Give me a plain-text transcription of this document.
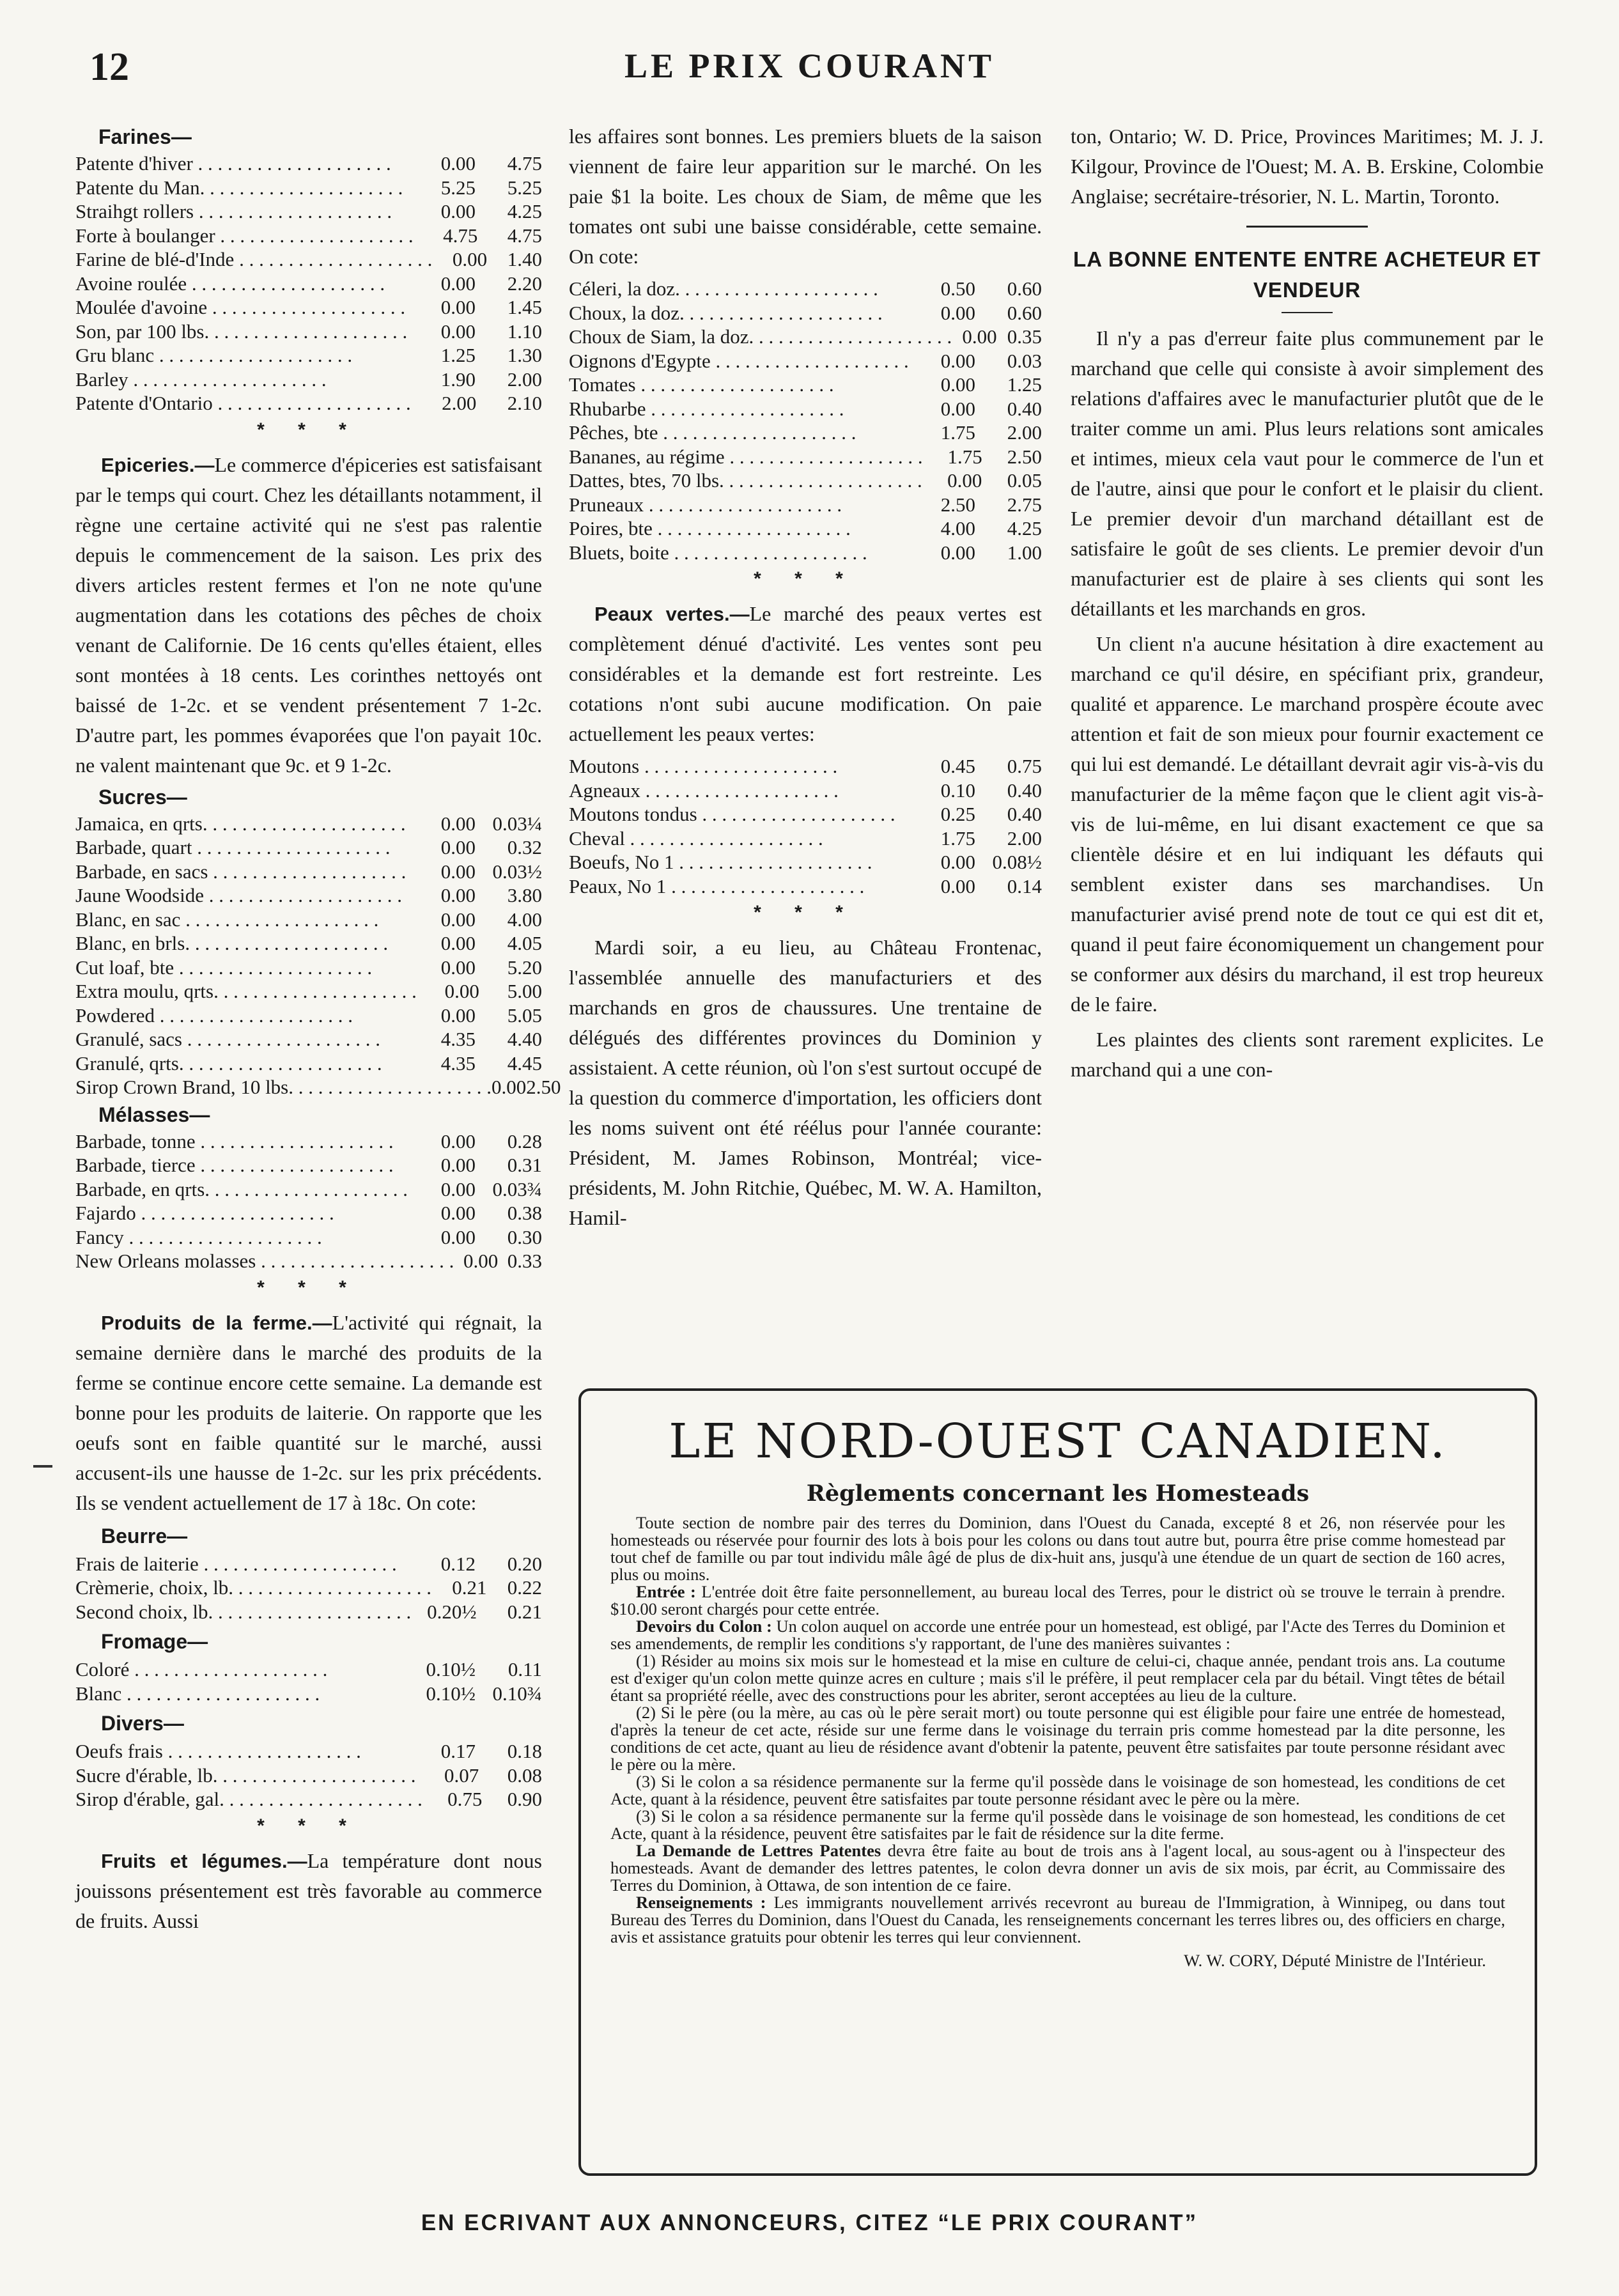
12	LE PRIX COURANT
Farines—
Patente d'hiver . . . . . . . . . . . . . . . . . . . .	0.00	4.75
Patente du Man. . . . . . . . . . . . . . . . . . . . .	5.25	5.25
Straihgt rollers . . . . . . . . . . . . . . . . . . . .	0.00	4.25
Forte à boulanger . . . . . . . . . . . . . . . . . . . .	4.75	4.75
Farine de blé-d'Inde . . . . . . . . . . . . . . . . . . . .	0.00	1.40
Avoine roulée . . . . . . . . . . . . . . . . . . . .	0.00	2.20
Moulée d'avoine . . . . . . . . . . . . . . . . . . . .	0.00	1.45
Son, par 100 lbs. . . . . . . . . . . . . . . . . . . . .	0.00	1.10
Gru blanc . . . . . . . . . . . . . . . . . . . .	1.25	1.30
Barley . . . . . . . . . . . . . . . . . . . .	1.90	2.00
Patente d'Ontario . . . . . . . . . . . . . . . . . . . .	2.00	2.10
* * *

Epiceries.—Le commerce d'épiceries est satisfaisant par le temps qui court. Chez les détaillants notamment, il règne une certaine activité qui ne s'est pas ralentie depuis le commencement de la saison. Les prix des divers articles restent fermes et l'on ne note qu'une augmentation dans les cotations des pêches de choix venant de Californie. De 16 cents qu'elles étaient, elles sont montées à 18 cents. Les corinthes nettoyés ont baissé de 1-2c. et se vendent présentement 7 1-2c. D'autre part, les pommes évaporées que l'on payait 10c. ne valent maintenant que 9c. et 9 1-2c.

Sucres—
Jamaica, en qrts. . . . . . . . . . . . . . . . . . . . .	0.00 0.03¼
Barbade, quart . . . . . . . . . . . . . . . . . . . .	0.00	0.32
Barbade, en sacs . . . . . . . . . . . . . . . . . . . .	0.00 0.03½
Jaune Woodside . . . . . . . . . . . . . . . . . . . .	0.00	3.80
Blanc, en sac . . . . . . . . . . . . . . . . . . . .	0.00	4.00
Blanc, en brls. . . . . . . . . . . . . . . . . . . . .	0.00	4.05
Cut loaf, bte . . . . . . . . . . . . . . . . . . . .	0.00	5.20
Extra moulu, qrts. . . . . . . . . . . . . . . . . . . . .	0.00	5.00
Powdered . . . . . . . . . . . . . . . . . . . .	0.00	5.05
Granulé, sacs . . . . . . . . . . . . . . . . . . . .	4.35	4.40
Granulé, qrts. . . . . . . . . . . . . . . . . . . . .	4.35	4.45
Sirop Crown Brand, 10 lbs. . . . . . . . . . . . . . . . . . . . . 0.00 2.50
Mélasses—
Barbade, tonne . . . . . . . . . . . . . . . . . . . .	0.00	0.28
Barbade, tierce . . . . . . . . . . . . . . . . . . . .	0.00	0.31
Barbade, en qrts. . . . . . . . . . . . . . . . . . . . .	0.00 0.03¾
Fajardo . . . . . . . . . . . . . . . . . . . .	0.00	0.38
Fancy . . . . . . . . . . . . . . . . . . . .	0.00	0.30
New Orleans molasses . . . . . . . . . . . . . . . . . . . . 0.00 0.33
* * *

Produits de la ferme.—L'activité qui régnait, la semaine dernière dans le marché des produits de la ferme se continue encore cette semaine. La demande est bonne pour les produits de laiterie. On rapporte que les oeufs sont en faible quantité sur le marché, aussi accusent-ils une hausse de 1-2c. sur les prix précédents. Ils se vendent actuellement de 17 à 18c. On cote:

Beurre—
Frais de laiterie . . . . . . . . . . . . . . . . . . . .	0.12	0.20
Crèmerie, choix, lb. . . . . . . . . . . . . . . . . . . . .	0.21	0.22
Second choix, lb. . . . . . . . . . . . . . . . . . . . . 0.20½	0.21
Fromage—
Coloré . . . . . . . . . . . . . . . . . . . .	0.10½	0.11
Blanc . . . . . . . . . . . . . . . . . . . .	0.10½ 0.10¾
Divers—
Oeufs frais . . . . . . . . . . . . . . . . . . . .	0.17	0.18
Sucre d'érable, lb. . . . . . . . . . . . . . . . . . . . .	0.07	0.08
Sirop d'érable, gal. . . . . . . . . . . . . . . . . . . . .	0.75	0.90
* * *

Fruits et légumes.—La température dont nous jouissons présentement est très favorable au commerce de fruits. Aussi

les affaires sont bonnes. Les premiers bluets de la saison viennent de faire leur apparition sur le marché. On les paie $1 la boite. Les choux de Siam, de même que les tomates ont subi une baisse considérable, cette semaine. On cote:

Céleri, la doz. . . . . . . . . . . . . . . . . . . . .	0.50	0.60
Choux, la doz. . . . . . . . . . . . . . . . . . . . .	0.00	0.60
Choux de Siam, la doz. . . . . . . . . . . . . . . . . . . . . 0.00 0.35
Oignons d'Egypte . . . . . . . . . . . . . . . . . . . .	0.00	0.03
Tomates . . . . . . . . . . . . . . . . . . . .	0.00	1.25
Rhubarbe . . . . . . . . . . . . . . . . . . . .	0.00	0.40
Pêches, bte . . . . . . . . . . . . . . . . . . . .	1.75	2.00
Bananes, au régime . . . . . . . . . . . . . . . . . . . .	1.75	2.50
Dattes, btes, 70 lbs. . . . . . . . . . . . . . . . . . . . .	0.00	0.05
Pruneaux . . . . . . . . . . . . . . . . . . . .	2.50	2.75
Poires, bte . . . . . . . . . . . . . . . . . . . .	4.00	4.25
Bluets, boite . . . . . . . . . . . . . . . . . . . .	0.00	1.00
* * *

Peaux vertes.—Le marché des peaux vertes est complètement dénué d'activité. Les ventes sont peu considérables et la demande est fort restreinte. Les cotations n'ont subi aucune modification. On paie actuellement les peaux vertes:

Moutons . . . . . . . . . . . . . . . . . . . .	0.45	0.75
Agneaux . . . . . . . . . . . . . . . . . . . .	0.10	0.40
Moutons tondus . . . . . . . . . . . . . . . . . . . .	0.25	0.40
Cheval . . . . . . . . . . . . . . . . . . . .	1.75	2.00
Boeufs, No 1 . . . . . . . . . . . . . . . . . . . .	0.00 0.08½
Peaux, No 1 . . . . . . . . . . . . . . . . . . . .	0.00	0.14
* * *

Mardi soir, a eu lieu, au Château Frontenac, l'assemblée annuelle des manufacturiers et des marchands en gros de chaussures. Une trentaine de délégués des différentes provinces du Dominion y assistaient. A cette réunion, où l'on s'est surtout occupé de la question du commerce d'importation, les officiers dont les noms suivent ont été réélus pour l'année courante: Président, M. James Robinson, Montréal; vice-présidents, M. John Ritchie, Québec, M. W. A. Hamilton, Hamil-

ton, Ontario; W. D. Price, Provinces Maritimes; M. J. J. Kilgour, Province de l'Ouest; M. A. B. Erskine, Colombie Anglaise; secrétaire-trésorier, N. L. Martin, Toronto.

LA BONNE ENTENTE ENTRE ACHETEUR ET VENDEUR

Il n'y a pas d'erreur faite plus communement par le marchand que celle qui consiste à avoir simplement des relations d'affaires avec le manufacturier plutôt que de le traiter comme un ami. Plus leurs relations sont amicales et intimes, mieux cela vaut pour le commerce de l'un et de l'autre, ainsi que pour le confort et le plaisir du client. Le premier devoir d'un marchand détaillant est de satisfaire le goût de ses clients. Le premier devoir d'un manufacturier est de plaire à ses clients qui sont les détaillants et les marchands en gros.

Un client n'a aucune hésitation à dire exactement au marchand ce qu'il désire, en spécifiant prix, grandeur, qualité et apparence. Le marchand prospère écoute avec attention et fait de son mieux pour fournir exactement ce qui lui est demandé. Le détaillant devrait agir vis-à-vis du manufacturier de la même façon que le client agit vis-à-vis de lui-même, en lui disant exactement ce que sa clientèle désire et en lui indiquant les défauts qui semblent exister dans ses marchandises. Un manufacturier avisé prend note de tout ce qui est dit et, quand il peut faire économiquement un changement pour se conformer aux désirs du marchand, il est trop heureux de le faire.

Les plaintes des clients sont rarement explicites. Le marchand qui a une con-

LE NORD-OUEST CANADIEN.
Règlements concernant les Homesteads

Toute section de nombre pair des terres du Dominion, dans l'Ouest du Canada, excepté 8 et 26, non réservée pour les homesteads ou réservée pour fournir des lots à bois pour les colons ou dans tout autre but, pourra être prise comme homestead par tout chef de famille ou par tout individu mâle âgé de plus de dix-huit ans, jusqu'à une étendue de un quart de section de 160 acres, plus ou moins.

Entrée : L'entrée doit être faite personnellement, au bureau local des Terres, pour le district où se trouve le terrain à prendre. $10.00 seront chargés pour cette entrée.

Devoirs du Colon : Un colon auquel on accorde une entrée pour un homestead, est obligé, par l'Acte des Terres du Dominion et ses amendements, de remplir les conditions s'y rapportant, de l'une des manières suivantes :

(1) Résider au moins six mois sur le homestead et la mise en culture de celui-ci, chaque année, pendant trois ans. La coutume est d'exiger qu'un colon mette quinze acres en culture ; mais s'il le préfère, il peut remplacer cela par du bétail. Vingt têtes de bétail étant sa propriété réelle, avec des constructions pour les abriter, seront acceptées au lieu de la culture.

(2) Si le père (ou la mère, au cas où le père serait mort) ou toute personne qui est éligible pour faire une entrée de homestead, d'après la teneur de cet acte, réside sur une ferme dans le voisinage du terrain pris comme homestead par la dite personne, les conditions de cet acte, quant au lieu de résidence avant d'obtenir la patente, peuvent être satisfaites par toute personne résidant avec le père ou la mère.

(3) Si le colon a sa résidence permanente sur la ferme qu'il possède dans le voisinage de son homestead, les conditions de cet Acte, quant à la résidence, peuvent être satisfaites par toute personne résidant avec le père ou la mère.

(3) Si le colon a sa résidence permanente sur la ferme qu'il possède dans le voisinage de son homestead, les conditions de cet Acte, quant à la résidence, peuvent être satisfaites par le fait de résidence sur la dite ferme.

La Demande de Lettres Patentes devra être faite au bout de trois ans à l'agent local, au sous-agent ou à l'inspecteur des homesteads. Avant de demander des lettres patentes, le colon devra donner un avis de six mois, par écrit, au Commissaire des Terres du Dominion, à Ottawa, de son intention de ce faire.

Renseignements : Les immigrants nouvellement arrivés recevront au bureau de l'Immigration, à Winnipeg, ou dans tout Bureau des Terres du Dominion, dans l'Ouest du Canada, les renseignements concernant les terres libres ou, des officiers en charge, avis et assistance gratuits pour obtenir les terres qui leur conviennent.

W. W. CORY, Député Ministre de l'Intérieur.
EN ECRIVANT AUX ANNONCEURS, CITEZ “LE PRIX COURANT”
